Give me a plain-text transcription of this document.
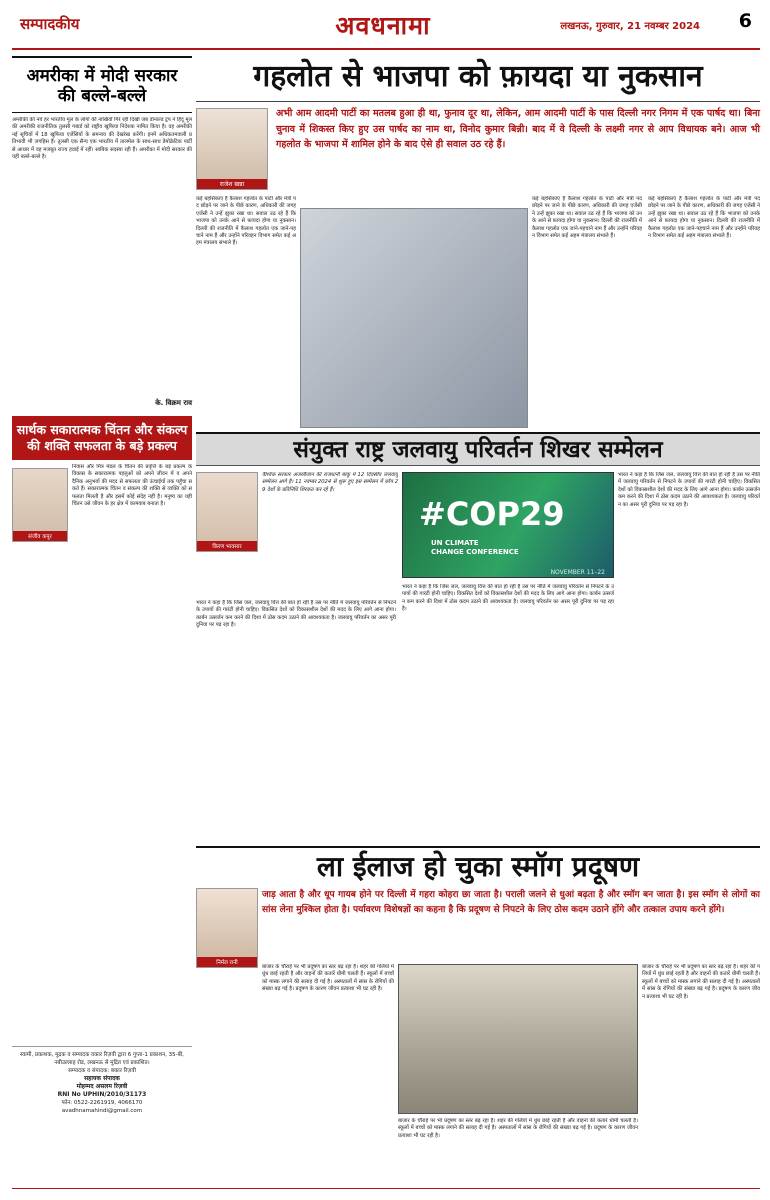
सम्पादकीय	अवधनामा	लखनऊ, गुरुवार, 21 नवम्बर 2024 6
अमरीका में मोदी सरकार की बल्ले-बल्ले
अमरीकी की नये हर भारतीय मूल के लोगों की नाखियाँ गिरे रही दिखी जब डोनाल्ड ट्रंप ने हिंदू मूल की अमरीकी राजनीतिक तुलसी गबार्ड को राष्ट्रीय खुफिया निदेशक नामित किया है। वह अमरीकी नई सूचियों में 18 खुफिया एजेंसियों के समन्वय की देखरेख करेंगी। इनमें अधिकतमवाली प्रतिभावी भी जगहिस हैं। तुलसी एक सैन्य एक भारतीय में तालमेल के साथ-साथ डेमोक्रेटिक पार्टी से आधार में वह मजबूत राज्य हवाई में रहीं। साबिक सदस्या रही हैं। अमरीका में मोदी सरकार की यही बल्ले-बल्ले है।
के. विक्रम राव
सार्थक सकारात्मक चिंतन और संकल्प की शक्ति सफलता के बड़े प्रकल्प
संजीव कपूर
निवास और मित्र मंडल के चिंतन की प्रवृत्ति के बड़े प्रकल्प के विकास के सकारात्मक पहलुओं को अपने जीवन में व अपने दैनिक अनुभवों की मदद से सफलता की ऊंचाईयों तक पहुँचा सकते हैं। सकारात्मक चिंतन व संकल्प की शक्ति से व्यक्ति को सफलता मिलती है और इसमें कोई संदेह नहीं है। मनुष्य का यही चिंतन उसे जीवन के हर क्षेत्र में कामयाब बनाता है।
गहलोत से भाजपा को फ़ायदा या नुकसान
अभी आम आदमी पार्टी का मतलब हुआ ही था, फुनाव दूर था, लेकिन, आम आदमी पार्टी के पास दिल्ली नगर निगम में एक पार्षद था। बिना चुनाव में शिकस्त किए हुए उस पार्षद का नाम था, विनोद कुमार बिन्नी। बाद में वे दिल्ली के लक्ष्मी नगर से आप विधायक बने। आज भी गहलोत के भाजपा में शामिल होने के बाद ऐसे ही सवाल उठ रहे हैं।
राजेश खन्ना
कई बहसिकाएं हैं कैलाश गहलोत के पार्टी और मंत्री पद छोड़ने पर जाने के पीछे कारण, अधिकारी की जगह एजेंसी ने उन्हें झुका रखा था। सवाल उठ रहे हैं कि भाजपा को उनके आने से फ़ायदा होगा या नुकसान। दिल्ली की राजनीति में कैलाश गहलोत एक जाने-पहचाने नाम हैं और उन्होंने परिवहन विभाग समेत कई अहम मंत्रालय संभाले हैं।
कई बहसिकाएं हैं कैलाश गहलोत के पार्टी और मंत्री पद छोड़ने पर जाने के पीछे कारण, अधिकारी की जगह एजेंसी ने उन्हें झुका रखा था। सवाल उठ रहे हैं कि भाजपा को उनके आने से फ़ायदा होगा या नुकसान। दिल्ली की राजनीति में कैलाश गहलोत एक जाने-पहचाने नाम हैं और उन्होंने परिवहन विभाग समेत कई अहम मंत्रालय संभाले हैं।
कई बहसिकाएं हैं कैलाश गहलोत के पार्टी और मंत्री पद छोड़ने पर जाने के पीछे कारण, अधिकारी की जगह एजेंसी ने उन्हें झुका रखा था। सवाल उठ रहे हैं कि भाजपा को उनके आने से फ़ायदा होगा या नुकसान। दिल्ली की राजनीति में कैलाश गहलोत एक जाने-पहचाने नाम हैं और उन्होंने परिवहन विभाग समेत कई अहम मंत्रालय संभाले हैं।
संयुक्त राष्ट्र जलवायु परिवर्तन शिखर सम्मेलन
किरण भावसार
वैश्विक सरकार अजरबैजान की राजधानी बाकू में 12 दिवसीय जलवायु सम्मेलन आगे है। 11 नवम्बर 2024 से शुरू हुए इस सम्मेलन में कॉप 29 देशों के प्रतिनिधि शिरकत कर रहे हैं।
#COP29
UN CLIMATE
CHANGE CONFERENCE
NOVEMBER 11–22
भारत ने कहा है कि जिस जल, जलवायु वित्त की बात हो रही है उस पर नीति में जलवायु परिवर्तन से निपटने के उपायों की गारंटी होनी चाहिए। विकसित देशों को विकासशील देशों की मदद के लिए आगे आना होगा। कार्बन उत्सर्जन कम करने की दिशा में ठोस कदम उठाने की आवश्यकता है। जलवायु परिवर्तन का असर पूरी दुनिया पर पड़ रहा है।
भारत ने कहा है कि जिस जल, जलवायु वित्त की बात हो रही है उस पर नीति में जलवायु परिवर्तन से निपटने के उपायों की गारंटी होनी चाहिए। विकसित देशों को विकासशील देशों की मदद के लिए आगे आना होगा। कार्बन उत्सर्जन कम करने की दिशा में ठोस कदम उठाने की आवश्यकता है। जलवायु परिवर्तन का असर पूरी दुनिया पर पड़ रहा है।
भारत ने कहा है कि जिस जल, जलवायु वित्त की बात हो रही है उस पर नीति में जलवायु परिवर्तन से निपटने के उपायों की गारंटी होनी चाहिए। विकसित देशों को विकासशील देशों की मदद के लिए आगे आना होगा। कार्बन उत्सर्जन कम करने की दिशा में ठोस कदम उठाने की आवश्यकता है। जलवायु परिवर्तन का असर पूरी दुनिया पर पड़ रहा है।
ला ईलाज हो चुका स्मॉग प्रदूषण
निर्मल रानी
जाड़ आता है और धूप गायब होने पर दिल्ली में गहरा कोहरा छा जाता है। पराली जलने से धुआं बढ़ता है और स्मॉग बन जाता है। इस स्मॉग से लोगों का सांस लेना मुश्किल होता है। पर्यावरण विशेषज्ञों का कहना है कि प्रदूषण से निपटने के लिए ठोस कदम उठाने होंगे और तत्काल उपाय करने होंगे।
बाजार के चौराहे पर भी प्रदूषण का स्तर बढ़ रहा है। शहर की गलियों में धुंध छाई रहती है और वाहनों की कतारें धीमी चलती हैं। स्कूलों में बच्चों को मास्क लगाने की सलाह दी गई है। अस्पतालों में सांस के रोगियों की संख्या बढ़ गई है। प्रदूषण के कारण जीवन प्रत्याशा भी घट रही है।
बाजार के चौराहे पर भी प्रदूषण का स्तर बढ़ रहा है। शहर की गलियों में धुंध छाई रहती है और वाहनों की कतारें धीमी चलती हैं। स्कूलों में बच्चों को मास्क लगाने की सलाह दी गई है। अस्पतालों में सांस के रोगियों की संख्या बढ़ गई है। प्रदूषण के कारण जीवन प्रत्याशा भी घट रही है।
बाजार के चौराहे पर भी प्रदूषण का स्तर बढ़ रहा है। शहर की गलियों में धुंध छाई रहती है और वाहनों की कतारें धीमी चलती हैं। स्कूलों में बच्चों को मास्क लगाने की सलाह दी गई है। अस्पतालों में सांस के रोगियों की संख्या बढ़ गई है। प्रदूषण के कारण जीवन प्रत्याशा भी घट रही है।
स्वामी, प्रकाशक, मुद्रक व सम्पादक वकार रिज़वी द्वारा 6 गुप्ता-1 प्रकाशन, 35-बी, नबीउल्लाह रोड, लखनऊ से मुद्रित एवं प्रकाशित।
सम्पादक व संपादक: बकार रिज़वी
सहायक संपादक
मोहम्मद असलम रिज़वी
RNI No UPHIN/2010/31173
फोन: 0522-2261919, 4066170
avadhnamahindi@gmail.com
